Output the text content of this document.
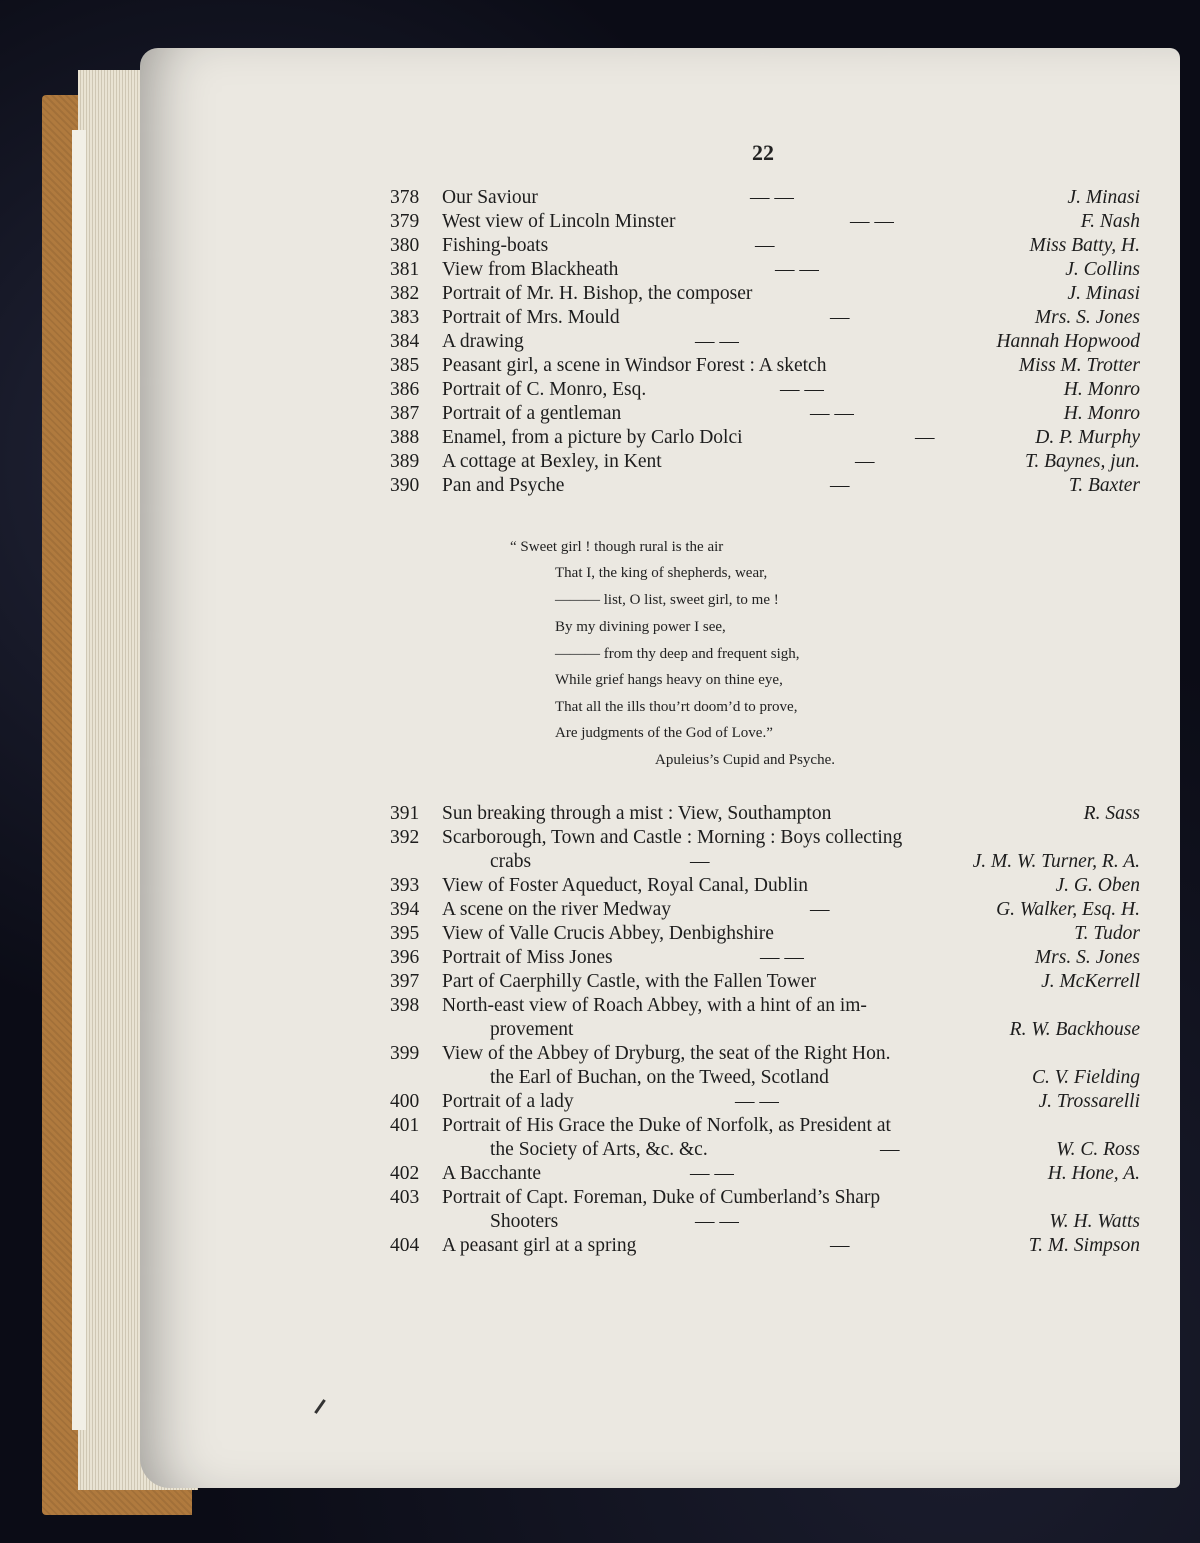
22
378 Our Saviour	— —	J. Minasi
379 West view of Lincoln Minster	— —	F. Nash
380 Fishing-boats	—	Miss Batty, H.
381 View from Blackheath	— —	J. Collins
382 Portrait of Mr. H. Bishop, the composer	J. Minasi
383 Portrait of Mrs. Mould	—	Mrs. S. Jones
384 A drawing	— —	Hannah Hopwood
385 Peasant girl, a scene in Windsor Forest : A sketch	Miss M. Trotter
386 Portrait of C. Monro, Esq.	— —	H. Monro
387 Portrait of a gentleman	— —	H. Monro
388 Enamel, from a picture by Carlo Dolci	—	D. P. Murphy
389 A cottage at Bexley, in Kent	—	T. Baynes, jun.
390 Pan and Psyche	—	T. Baxter
“ Sweet girl ! though rural is the air
That I, the king of shepherds, wear,
——— list, O list, sweet girl, to me !
By my divining power I see,
——— from thy deep and frequent sigh,
While grief hangs heavy on thine eye,
That all the ills thou’rt doom’d to prove,
Are judgments of the God of Love.”
Apuleius’s Cupid and Psyche.
391 Sun breaking through a mist : View, Southampton	R. Sass
392 Scarborough, Town and Castle : Morning : Boys collecting
crabs	—	J. M. W. Turner, R. A.
393 View of Foster Aqueduct, Royal Canal, Dublin	J. G. Oben
394 A scene on the river Medway	—	G. Walker, Esq. H.
395 View of Valle Crucis Abbey, Denbighshire	T. Tudor
396 Portrait of Miss Jones	— —	Mrs. S. Jones
397 Part of Caerphilly Castle, with the Fallen Tower	J. McKerrell
398 North-east view of Roach Abbey, with a hint of an im-
provement	R. W. Backhouse
399 View of the Abbey of Dryburg, the seat of the Right Hon.
the Earl of Buchan, on the Tweed, Scotland	C. V. Fielding
400 Portrait of a lady	— —	J. Trossarelli
401 Portrait of His Grace the Duke of Norfolk, as President at
the Society of Arts, &c. &c.	—	W. C. Ross
402 A Bacchante	— —	H. Hone, A.
403 Portrait of Capt. Foreman, Duke of Cumberland’s Sharp
Shooters	— —	W. H. Watts
404 A peasant girl at a spring	—	T. M. Simpson
